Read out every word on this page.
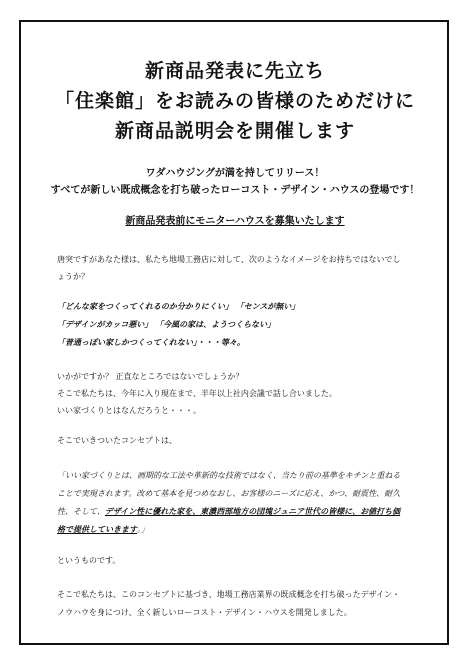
新商品発表に先立ち
「住楽館」をお読みの皆様のためだけに
新商品説明会を開催します
ワダハウジングが満を持してリリース！
すべてが新しい既成概念を打ち破ったローコスト・デザイン・ハウスの登場です！
新商品発表前にモニターハウスを募集いたします
唐突ですがあなた様は、私たち地場工務店に対して、次のようなイメージをお持ちではないでし
ょうか？
「どんな家をつくってくれるのか分かりにくい」 「センスが無い」
「デザインがカッコ悪い」 「今風の家は、ようつくらない」
「普通っぽい家しかつくってくれない」・・・等々。
いかがですか？ 正直なところではないでしょうか？
そこで私たちは、今年に入り現在まで、半年以上社内会議で話し合いました。
いい家づくりとはなんだろうと・・・。
そこでいきついたコンセプトは、
「いい家づくりとは、画期的な工法や革新的な技術ではなく、当たり前の基準をキチンと重ねる
ことで実現されます。改めて基本を見つめなおし、お客様のニーズに応え、かつ、耐震性、耐久
性、そして、デザイン性に優れた家を、東濃西部地方の団塊ジュニア世代の皆様に、お値打ち価
格で提供していきます。」
というものです。
そこで私たちは、このコンセプトに基づき、地場工務店業界の既成概念を打ち破ったデザイン・
ノウハウを身につけ、全く新しいローコスト・デザイン・ハウスを開発しました。
